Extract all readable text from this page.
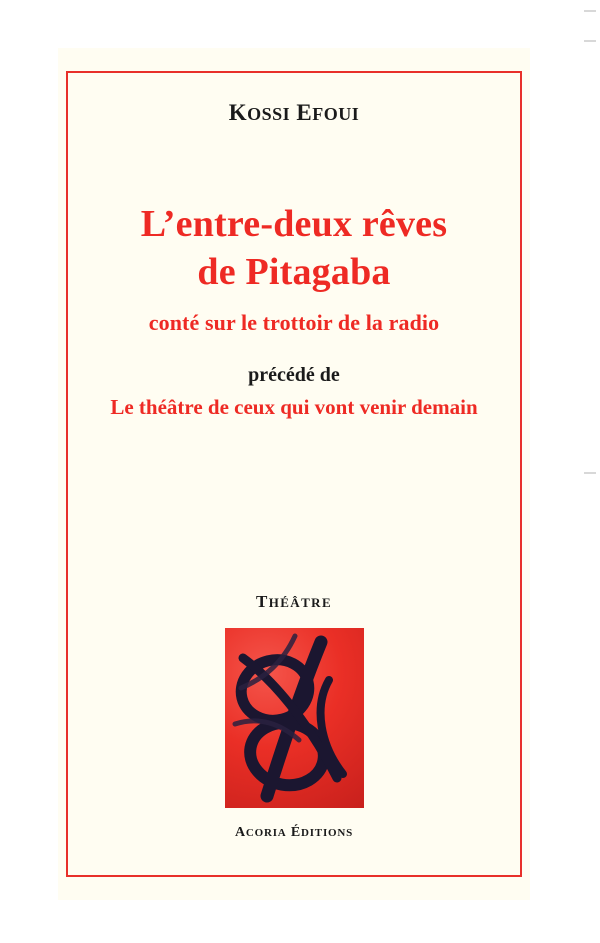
KOSSI EFOUI
L’entre-deux rêves
de Pitagaba
conté sur le trottoir de la radio
précédé de
Le théâtre de ceux qui vont venir demain
THÉÂTRE
ACORIA ÉDITIONS
